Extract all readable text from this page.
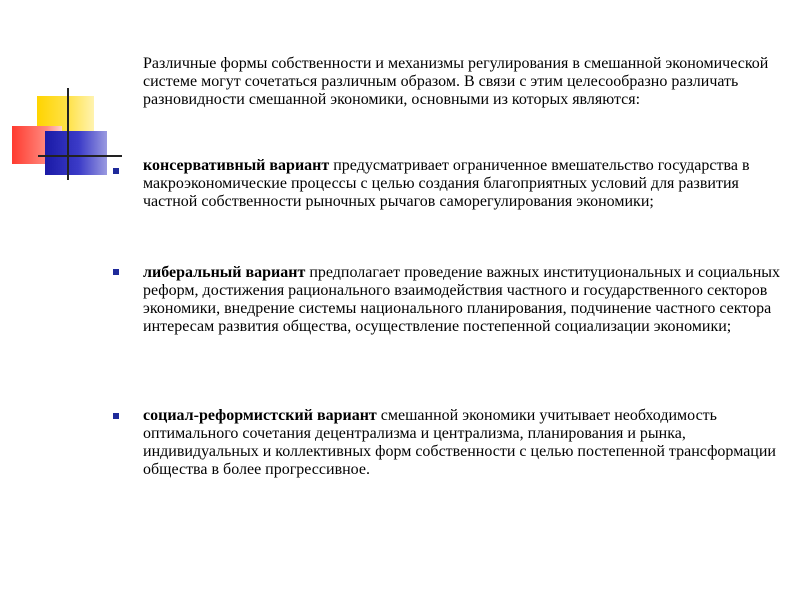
Различные формы собственности и механизмы регулирования в смешанной экономической системе могут сочетаться различным образом. В связи с этим целесообразно различать разновидности смешанной экономики, основными из которых являются:

консервативный вариант предусматривает ограниченное вмешательство государства в макроэкономические процессы с целью создания благоприятных условий для развития частной собственности рыночных рычагов саморегулирования экономики;

либеральный вариант предполагает проведение важных институциональных и социальных реформ, достижения рационального взаимодействия частного и государственного секторов экономики, внедрение системы национального планирования, подчинение частного сектора интересам развития общества, осуществление постепенной социализации экономики;

социал-реформистский вариант смешанной экономики учитывает необходимость оптимального сочетания децентрализма и централизма, планирования и рынка, индивидуальных и коллективных форм собственности с целью постепенной трансформации общества в более прогрессивное.
